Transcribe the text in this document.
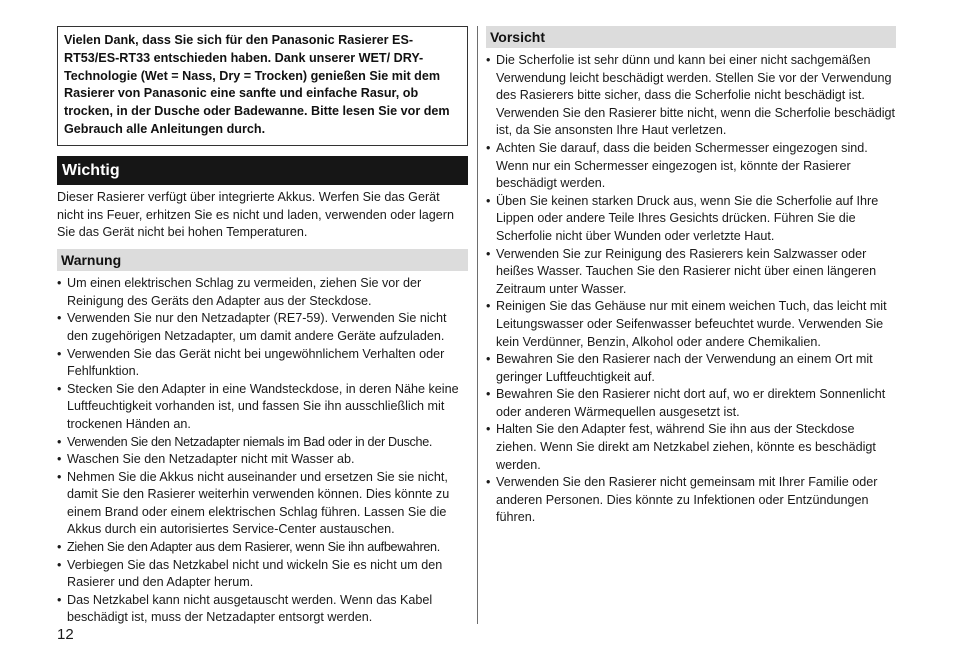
Vielen Dank, dass Sie sich für den Panasonic Rasierer ES-RT53/ES-RT33 entschieden haben. Dank unserer WET/ DRY-Technologie (Wet = Nass, Dry = Trocken) genießen Sie mit dem Rasierer von Panasonic eine sanfte und einfache Rasur, ob trocken, in der Dusche oder Badewanne. Bitte lesen Sie vor dem Gebrauch alle Anleitungen durch.
Wichtig
Dieser Rasierer verfügt über integrierte Akkus. Werfen Sie das Gerät nicht ins Feuer, erhitzen Sie es nicht und laden, verwenden oder lagern Sie das Gerät nicht bei hohen Temperaturen.
Warnung
• Um einen elektrischen Schlag zu vermeiden, ziehen Sie vor der Reinigung des Geräts den Adapter aus der Steckdose.
• Verwenden Sie nur den Netzadapter (RE7-59). Verwenden Sie nicht den zugehörigen Netzadapter, um damit andere Geräte aufzuladen.
• Verwenden Sie das Gerät nicht bei ungewöhnlichem Verhalten oder Fehlfunktion.
• Stecken Sie den Adapter in eine Wandsteckdose, in deren Nähe keine Luftfeuchtigkeit vorhanden ist, und fassen Sie ihn ausschließlich mit trockenen Händen an.
• Verwenden Sie den Netzadapter niemals im Bad oder in der Dusche.
• Waschen Sie den Netzadapter nicht mit Wasser ab.
• Nehmen Sie die Akkus nicht auseinander und ersetzen Sie sie nicht, damit Sie den Rasierer weiterhin verwenden können. Dies könnte zu einem Brand oder einem elektrischen Schlag führen. Lassen Sie die Akkus durch ein autorisiertes Service-Center austauschen.
• Ziehen Sie den Adapter aus dem Rasierer, wenn Sie ihn aufbewahren.
• Verbiegen Sie das Netzkabel nicht und wickeln Sie es nicht um den Rasierer und den Adapter herum.
• Das Netzkabel kann nicht ausgetauscht werden. Wenn das Kabel beschädigt ist, muss der Netzadapter entsorgt werden.
Vorsicht
• Die Scherfolie ist sehr dünn und kann bei einer nicht sachgemäßen Verwendung leicht beschädigt werden. Stellen Sie vor der Verwendung des Rasierers bitte sicher, dass die Scherfolie nicht beschädigt ist. Verwenden Sie den Rasierer bitte nicht, wenn die Scherfolie beschädigt ist, da Sie ansonsten Ihre Haut verletzen.
• Achten Sie darauf, dass die beiden Schermesser eingezogen sind. Wenn nur ein Schermesser eingezogen ist, könnte der Rasierer beschädigt werden.
• Üben Sie keinen starken Druck aus, wenn Sie die Scherfolie auf Ihre Lippen oder andere Teile Ihres Gesichts drücken. Führen Sie die Scherfolie nicht über Wunden oder verletzte Haut.
• Verwenden Sie zur Reinigung des Rasierers kein Salzwasser oder heißes Wasser. Tauchen Sie den Rasierer nicht über einen längeren Zeitraum unter Wasser.
• Reinigen Sie das Gehäuse nur mit einem weichen Tuch, das leicht mit Leitungswasser oder Seifenwasser befeuchtet wurde. Verwenden Sie kein Verdünner, Benzin, Alkohol oder andere Chemikalien.
• Bewahren Sie den Rasierer nach der Verwendung an einem Ort mit geringer Luftfeuchtigkeit auf.
• Bewahren Sie den Rasierer nicht dort auf, wo er direktem Sonnenlicht oder anderen Wärmequellen ausgesetzt ist.
• Halten Sie den Adapter fest, während Sie ihn aus der Steckdose ziehen. Wenn Sie direkt am Netzkabel ziehen, könnte es beschädigt werden.
• Verwenden Sie den Rasierer nicht gemeinsam mit Ihrer Familie oder anderen Personen. Dies könnte zu Infektionen oder Entzündungen führen.
12
